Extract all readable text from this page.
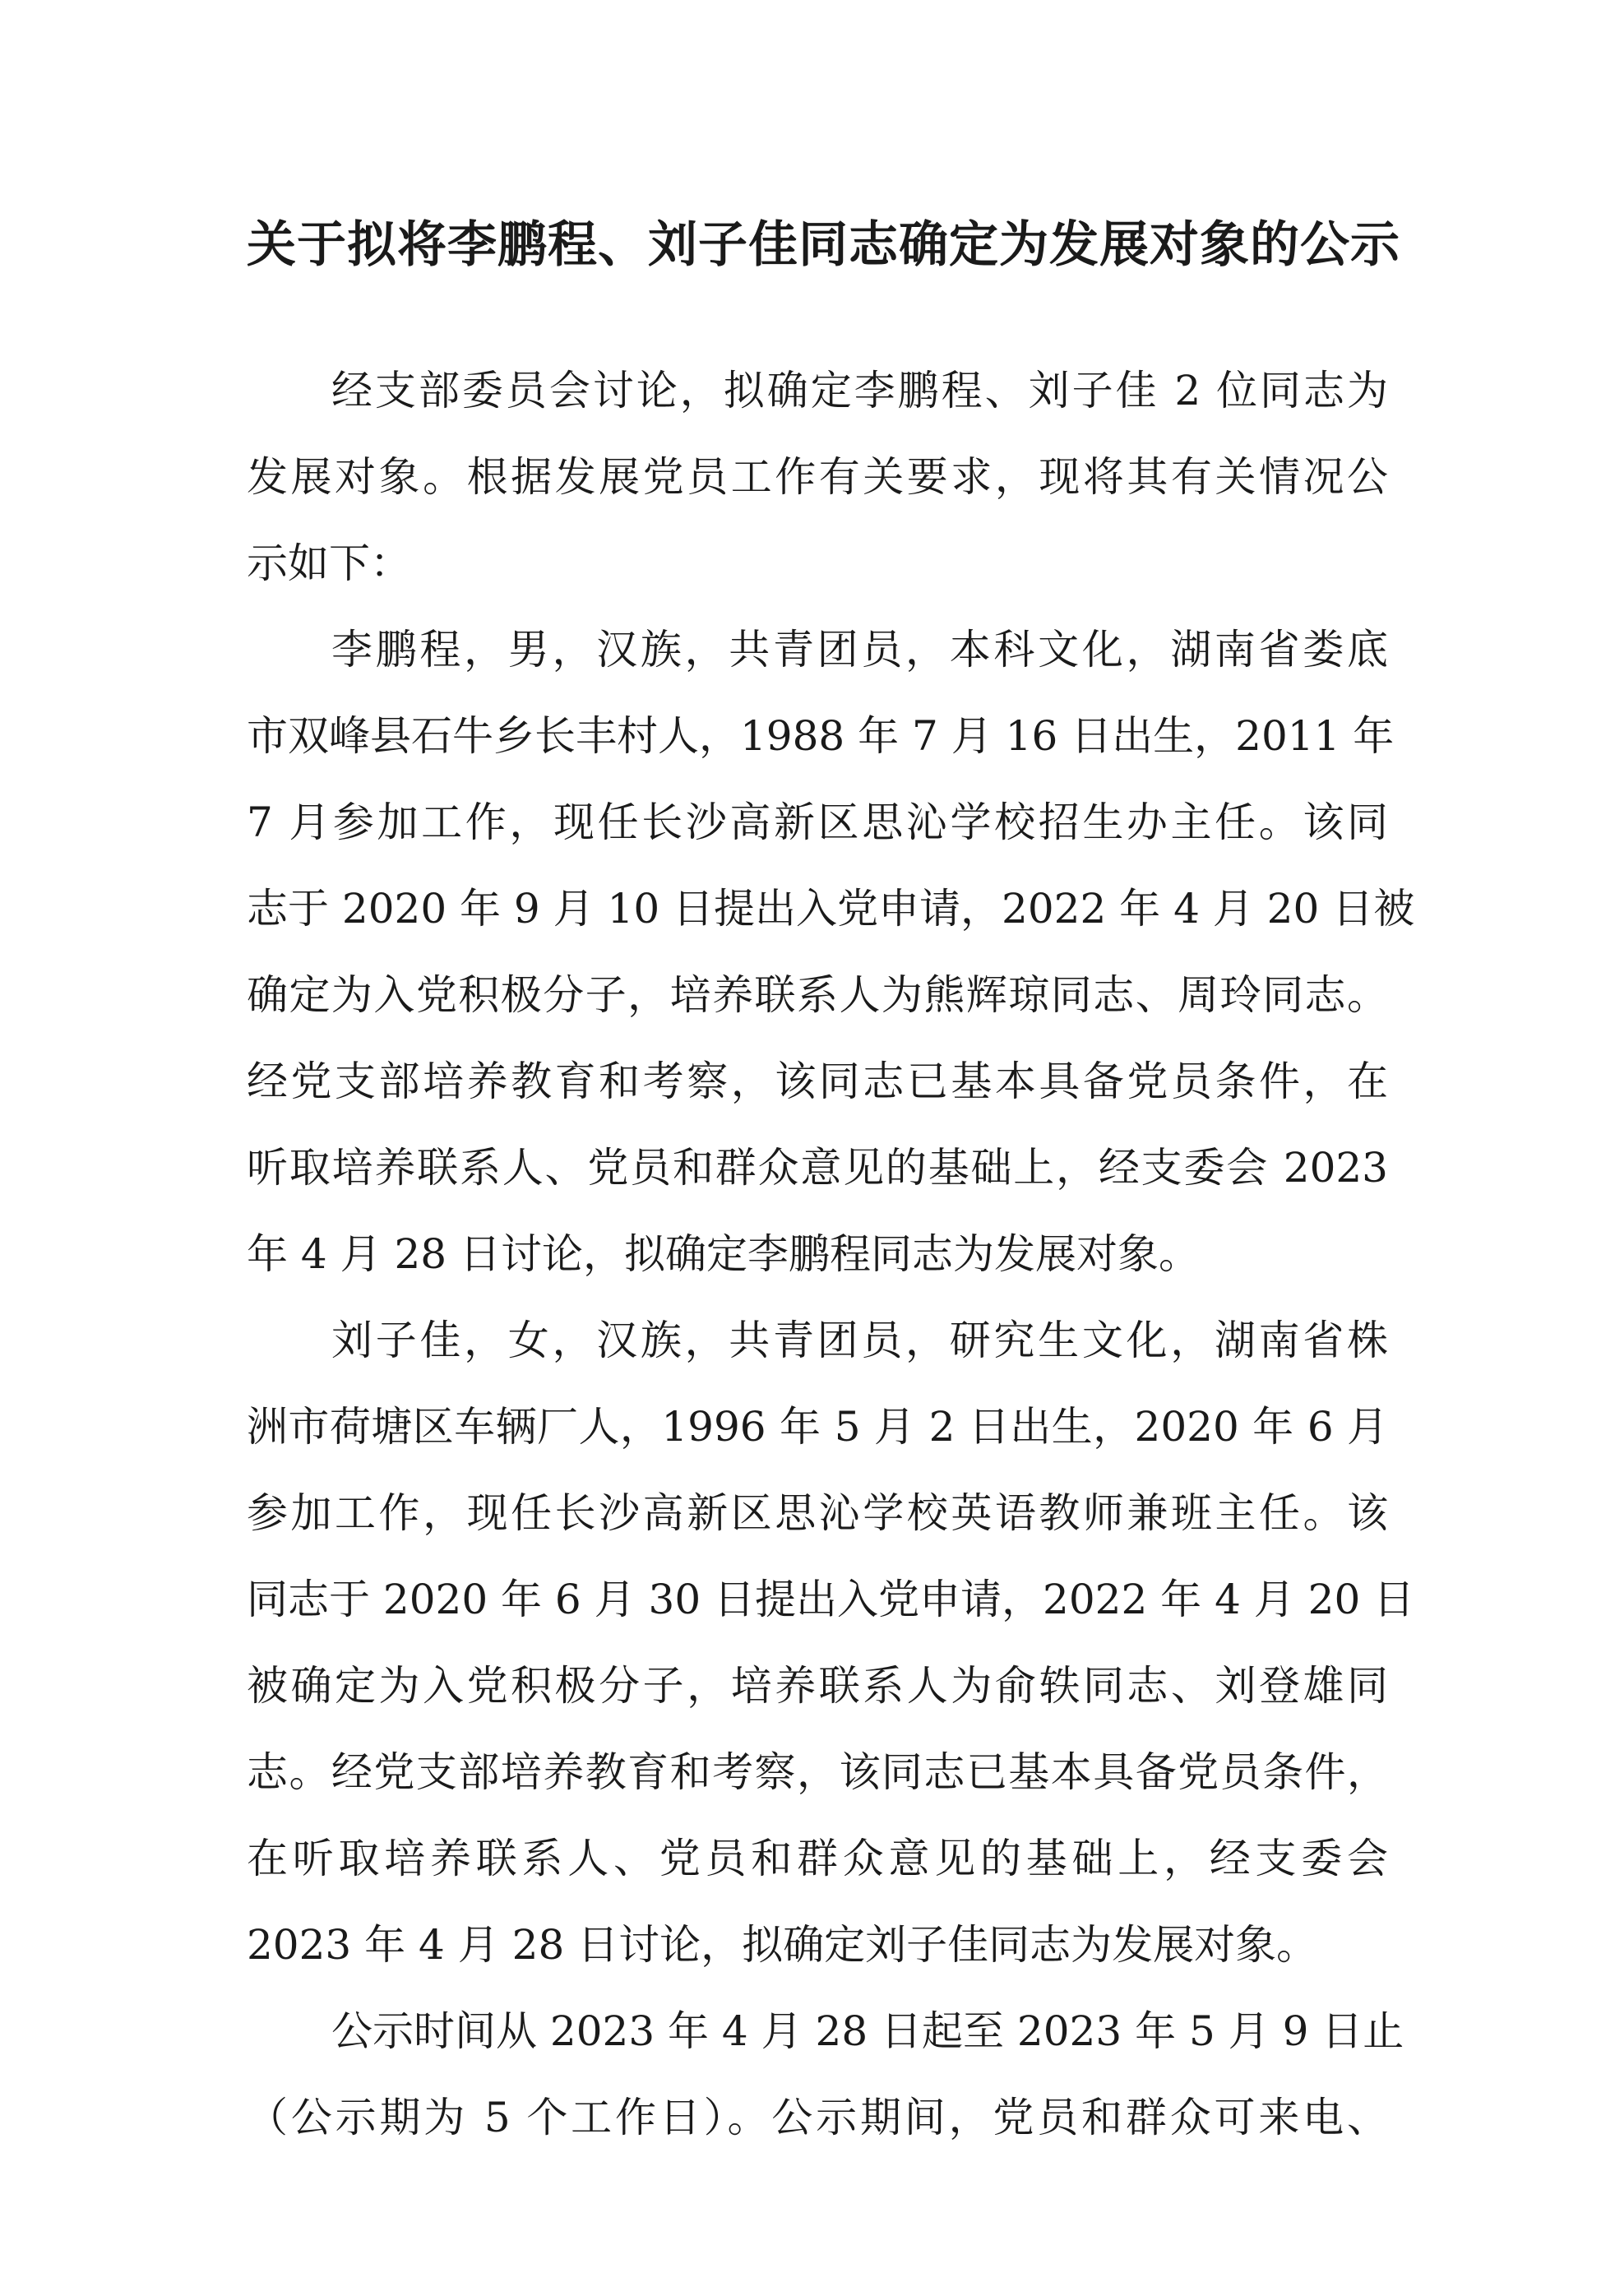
关于拟将李鹏程、刘子佳同志确定为发展对象的公示
经支部委员会讨论，拟确定李鹏程、刘子佳 2 位同志为
发展对象。根据发展党员工作有关要求，现将其有关情况公
示如下：
李鹏程，男，汉族，共青团员，本科文化，湖南省娄底
市双峰县石牛乡长丰村人，1988 年 7 月 16 日出生，2011 年
7 月参加工作，现任长沙高新区思沁学校招生办主任。该同
志于 2020 年 9 月 10 日提出入党申请，2022 年 4 月 20 日被
确定为入党积极分子，培养联系人为熊辉琼同志、周玲同志。
经党支部培养教育和考察，该同志已基本具备党员条件，在
听取培养联系人、党员和群众意见的基础上，经支委会 2023
年 4 月 28 日讨论，拟确定李鹏程同志为发展对象。
刘子佳，女，汉族，共青团员，研究生文化，湖南省株
洲市荷塘区车辆厂人，1996 年 5 月 2 日出生，2020 年 6 月
参加工作，现任长沙高新区思沁学校英语教师兼班主任。该
同志于 2020 年 6 月 30 日提出入党申请，2022 年 4 月 20 日
被确定为入党积极分子，培养联系人为俞轶同志、刘登雄同
志。经党支部培养教育和考察，该同志已基本具备党员条件，
在听取培养联系人、党员和群众意见的基础上，经支委会
2023 年 4 月 28 日讨论，拟确定刘子佳同志为发展对象。
公示时间从 2023 年 4 月 28 日起至 2023 年 5 月 9 日止
（公示期为 5 个工作日）。公示期间，党员和群众可来电、
